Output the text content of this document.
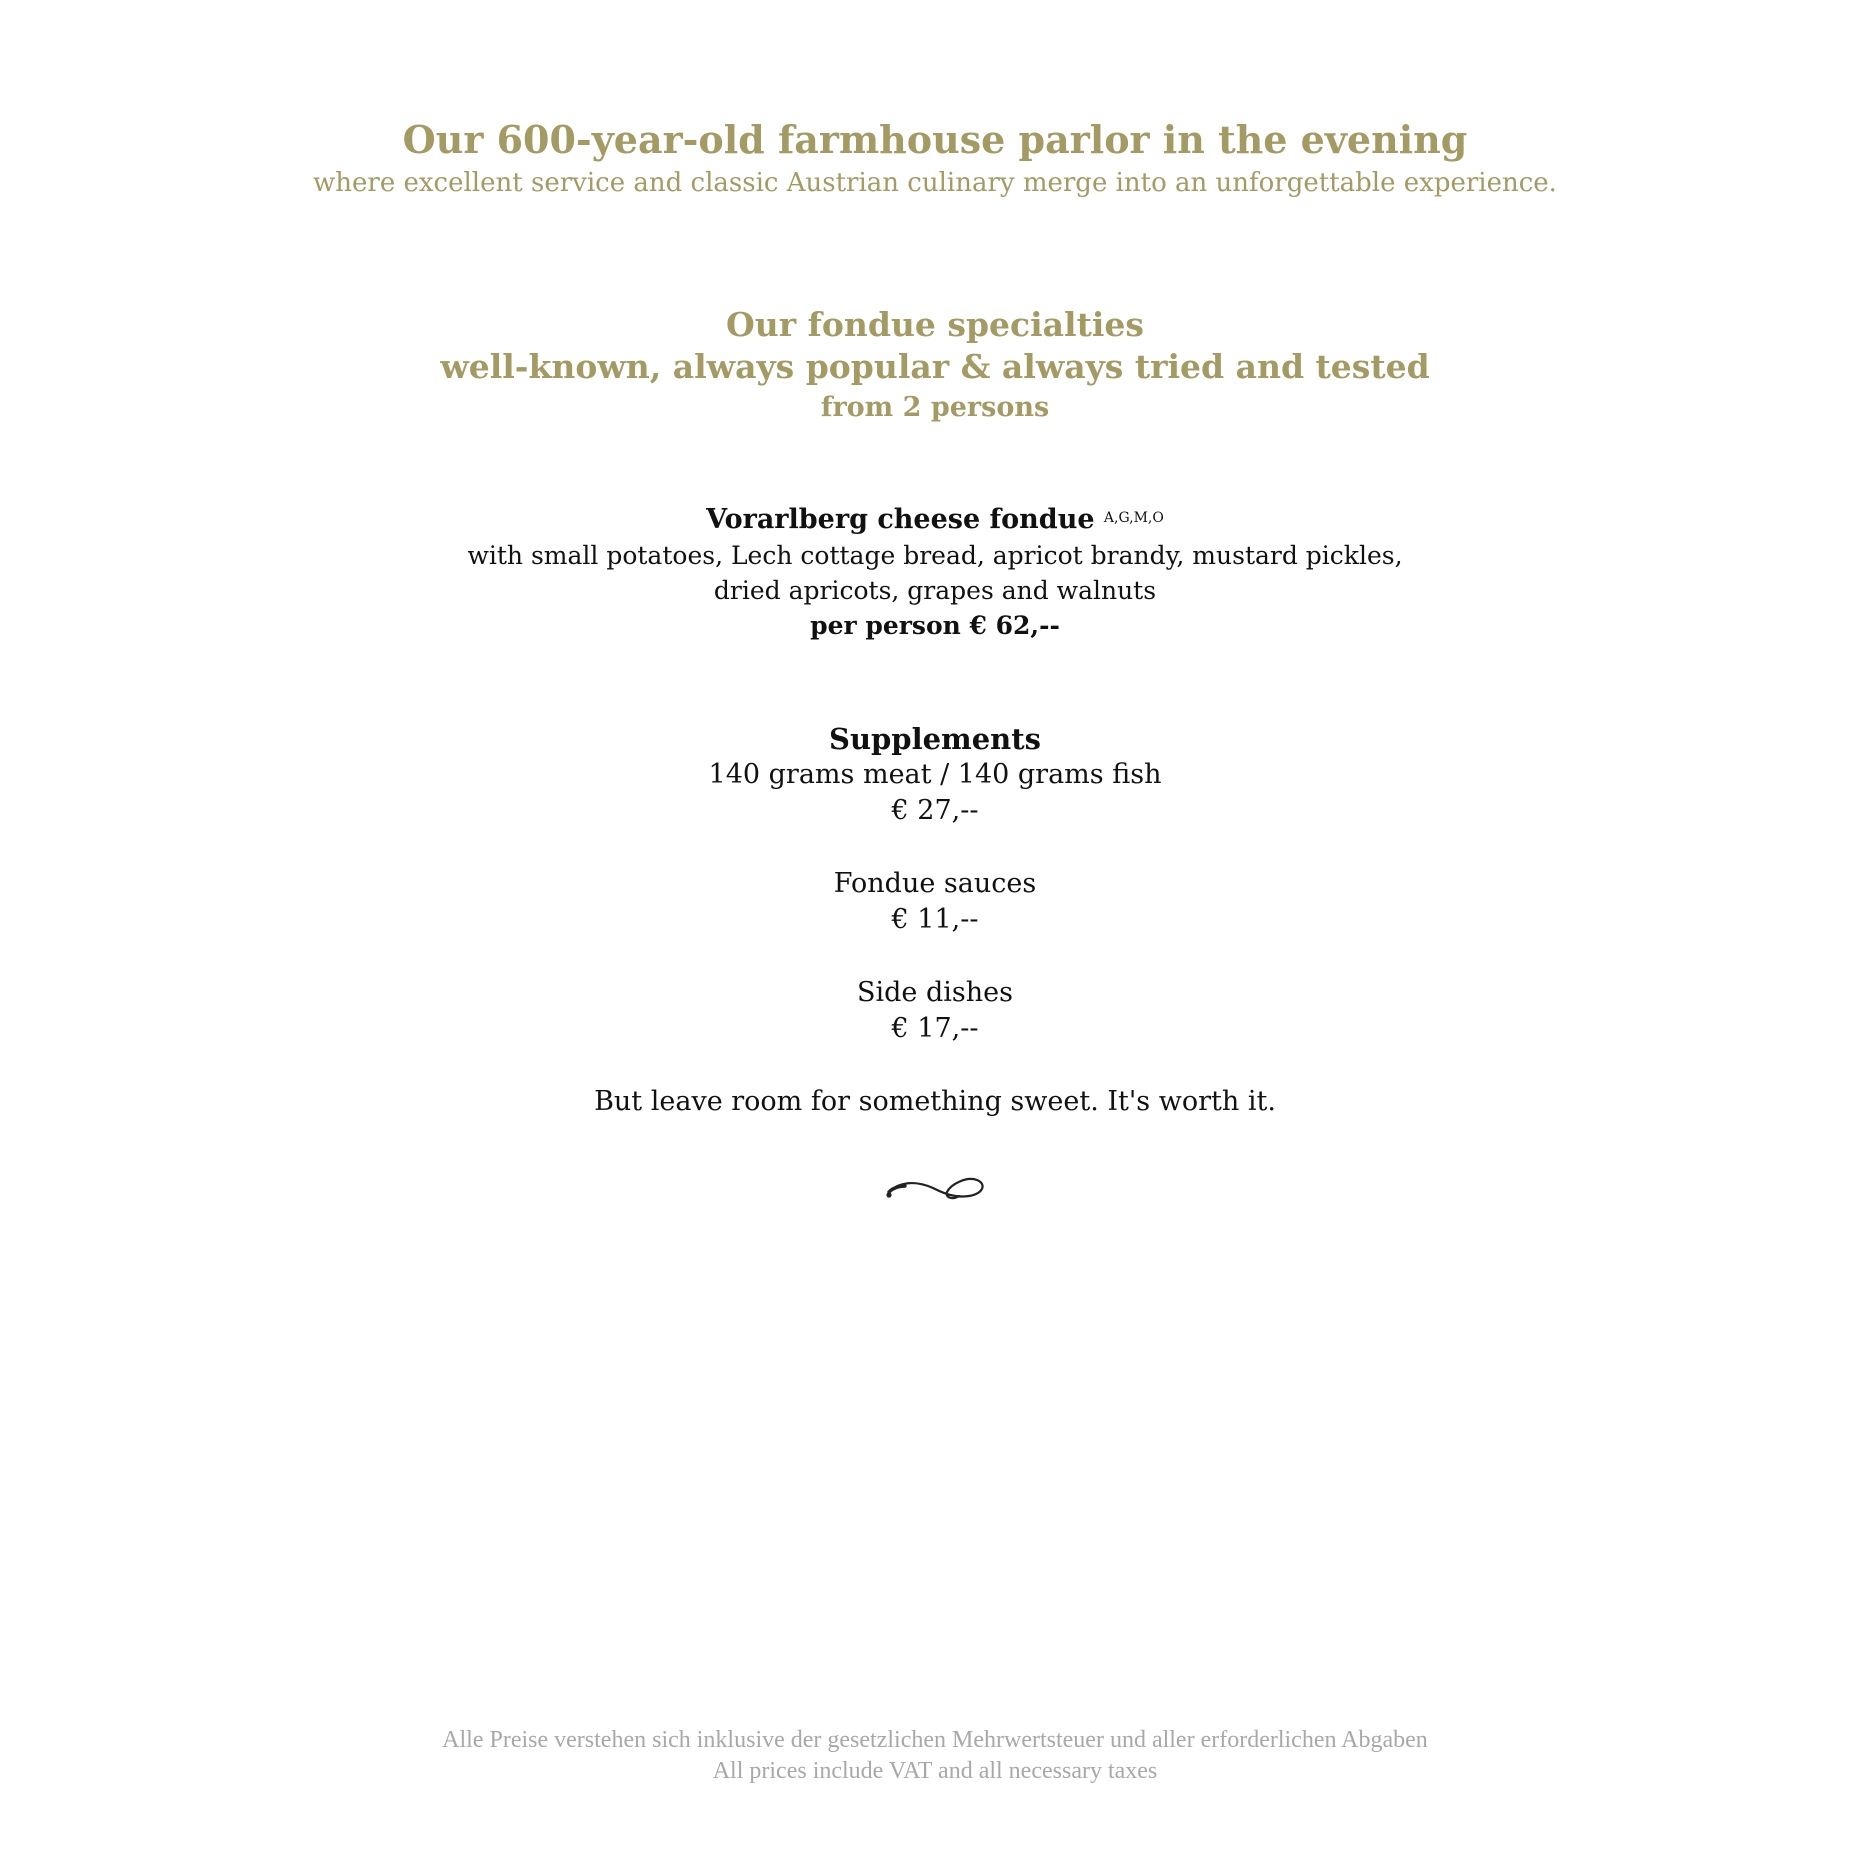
Our 600-year-old farmhouse parlor in the evening

where excellent service and classic Austrian culinary merge into an unforgettable experience.

Our fondue specialties

well-known, always popular & always tried and tested

from 2 persons

Vorarlberg cheese fondue $^{A,G,M,O}$

with small potatoes, Lech cottage bread, apricot brandy, mustard pickles,

dried apricots, grapes and walnuts

per person € 62,--

Supplements

140 grams meat / 140 grams fish

€ 27,--

Fondue sauces

€ 11,--

Side dishes

€ 17,--

But leave room for something sweet. It's worth it.

Alle Preise verstehen sich inklusive der gesetzlichen Mehrwertsteuer und aller erforderlichen Abgaben

All prices include VAT and all necessary taxes
